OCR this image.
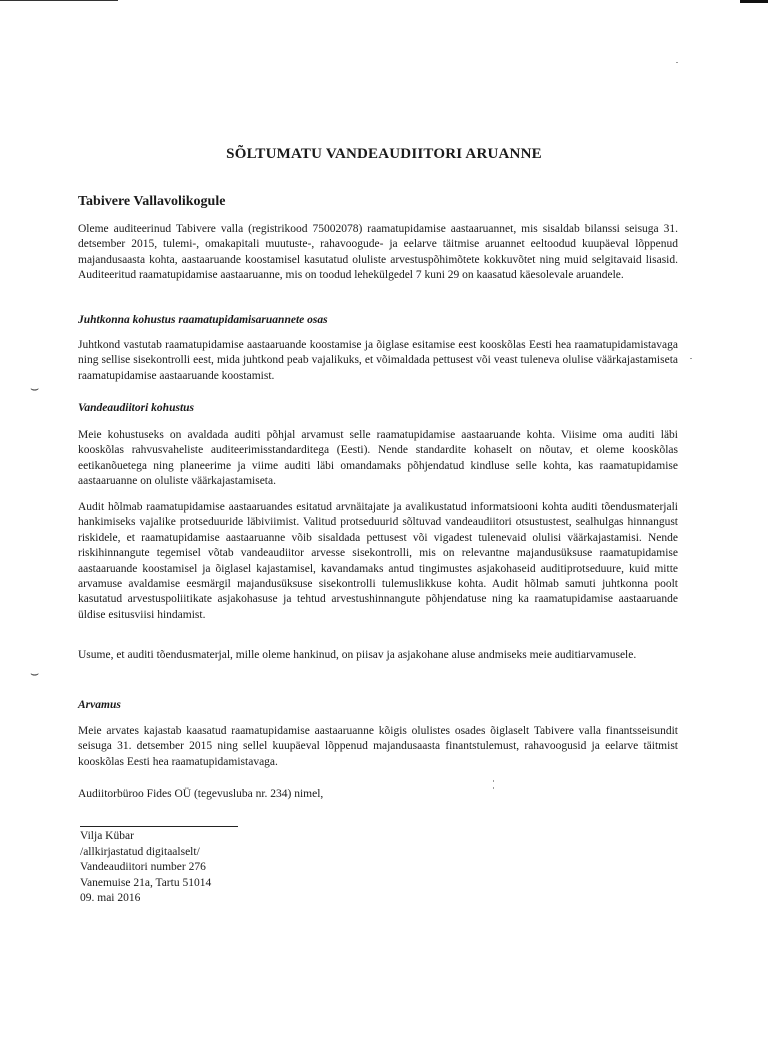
⌣
⌣
SÕLTUMATU VANDEAUDIITORI ARUANNE
Tabivere Vallavolikogule
Oleme auditeerinud Tabivere valla (registrikood 75002078) raamatupidamise aastaaruannet, mis sisaldab bilanssi seisuga 31. detsember 2015, tulemi-, omakapitali muutuste-, rahavoogude- ja eelarve täitmise aruannet eeltoodud kuupäeval lõppenud majandusaasta kohta, aastaaruande koostamisel kasutatud oluliste arvestuspõhimõtete kokkuvõtet ning muid selgitavaid lisasid. Auditeeritud raamatupidamise aastaaruanne, mis on toodud lehekülgedel 7 kuni 29 on kaasatud käesolevale aruandele.
Juhtkonna kohustus raamatupidamisaruannete osas
Juhtkond vastutab raamatupidamise aastaaruande koostamise ja õiglase esitamise eest kooskõlas Eesti hea raamatupidamistavaga ning sellise sisekontrolli eest, mida juhtkond peab vajalikuks, et võimaldada pettusest või veast tuleneva olulise väärkajastamiseta raamatupidamise aastaaruande koostamist.
Vandeaudiitori kohustus
Meie kohustuseks on avaldada auditi põhjal arvamust selle raamatupidamise aastaaruande kohta. Viisime oma auditi läbi kooskõlas rahvusvaheliste auditeerimisstandarditega (Eesti). Nende standardite kohaselt on nõutav, et oleme kooskõlas eetikanõuetega ning planeerime ja viime auditi läbi omandamaks põhjendatud kindluse selle kohta, kas raamatupidamise aastaaruanne on oluliste väärkajastamiseta.
Audit hõlmab raamatupidamise aastaaruandes esitatud arvnäitajate ja avalikustatud informatsiooni kohta auditi tõendusmaterjali hankimiseks vajalike protseduuride läbiviimist. Valitud protseduurid sõltuvad vandeaudiitori otsustustest, sealhulgas hinnangust riskidele, et raamatupidamise aastaaruanne võib sisaldada pettusest või vigadest tulenevaid olulisi väärkajastamisi. Nende riskihinnangute tegemisel võtab vandeaudiitor arvesse sisekontrolli, mis on relevantne majandusüksuse raamatupidamise aastaaruande koostamisel ja õiglasel kajastamisel, kavandamaks antud tingimustes asjakohaseid auditiprotseduure, kuid mitte arvamuse avaldamise eesmärgil majandusüksuse sisekontrolli tulemuslikkuse kohta. Audit hõlmab samuti juhtkonna poolt kasutatud arvestuspoliitikate asjakohasuse ja tehtud arvestushinnangute põhjendatuse ning ka raamatupidamise aastaaruande üldise esitusviisi hindamist.
Usume, et auditi tõendusmaterjal, mille oleme hankinud, on piisav ja asjakohane aluse andmiseks meie auditiarvamusele.
Arvamus
Meie arvates kajastab kaasatud raamatupidamise aastaaruanne kõigis olulistes osades õiglaselt Tabivere valla finantsseisundit seisuga 31. detsember 2015 ning sellel kuupäeval lõppenud majandusaasta finantstulemust, rahavoogusid ja eelarve täitmist kooskõlas Eesti hea raamatupidamistavaga.
Audiitorbüroo Fides OÜ (tegevusluba nr. 234) nimel,
Vilja Kübar
/allkirjastatud digitaalselt/
Vandeaudiitori number 276
Vanemuise 21a, Tartu 51014
09. mai 2016
